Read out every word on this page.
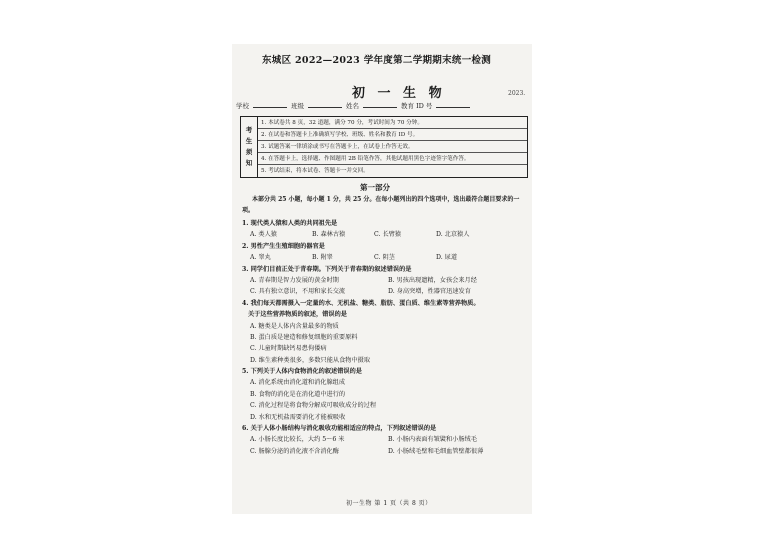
东城区 2022—2023 学年度第二学期期末统一检测
初 一 生 物	2023.
学校	班级	姓名	教育 ID 号
考
生
须
知
1. 本试卷共 8 页，32 道题，满分 70 分，考试时间为 70 分钟。
2. 在试卷和答题卡上准确填写学校、班级、姓名和教育 ID 号。
3. 试题答案一律填涂或书写在答题卡上，在试卷上作答无效。
4. 在答题卡上，选择题、作图题用 2B 铅笔作答，其他试题用黑色字迹签字笔作答。
5. 考试结束，将本试卷、答题卡一并交回。
第一部分
本部分共 25 小题，每小题 1 分，共 25 分。在每小题列出的四个选项中，选出最符合题目要求的一项。
1. 现代类人猿和人类的共同祖先是
A. 类人猿	B. 森林古猿	C. 长臂猿	D. 北京猿人
2. 男性产生生殖细胞的器官是
A. 睾丸	B. 附睾	C. 阴茎	D. 尿道
3. 同学们目前正处于青春期。下列关于青春期的叙述错误的是
A. 青春期是智力发展的黄金时期	B. 男孩出现遗精，女孩会来月经
C. 具有独立意识，不用和家长交流	D. 身高突增，性器官迅速发育
4. 我们每天都需摄入一定量的水、无机盐、糖类、脂肪、蛋白质、维生素等营养物质。
关于这些营养物质的叙述，错误的是
A. 糖类是人体内含量最多的物质
B. 蛋白质是建造和修复细胞的重要原料
C. 儿童时期缺钙易患佝偻病
D. 维生素种类很多，多数只能从食物中摄取
5. 下列关于人体内食物消化的叙述错误的是
A. 消化系统由消化道和消化腺组成
B. 食物的消化是在消化道中进行的
C. 消化过程是将食物分解成可吸收成分的过程
D. 水和无机盐需要消化才能被吸收
6. 关于人体小肠结构与消化吸收功能相适应的特点，下列叙述错误的是
A. 小肠长度比较长，大约 5～6 米	B. 小肠内表面有皱襞和小肠绒毛
C. 肠腺分泌的消化液不含消化酶	D. 小肠绒毛壁和毛细血管壁都很薄
初一生物 第 1 页（共 8 页）
